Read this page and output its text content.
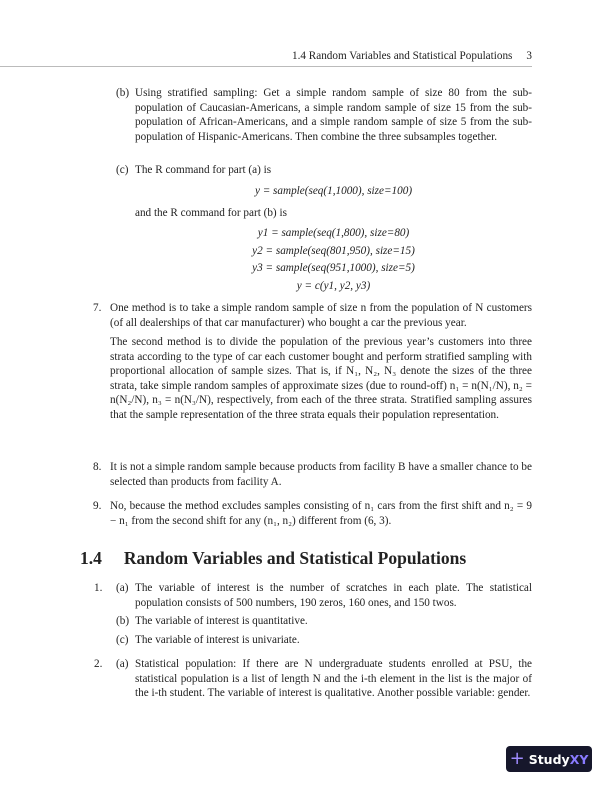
1.4 Random Variables and Statistical Populations 3
(b) Using stratified sampling: Get a simple random sample of size 80 from the sub-population of Caucasian-Americans, a simple random sample of size 15 from the sub-population of African-Americans, and a simple random sample of size 5 from the sub-population of Hispanic-Americans. Then combine the three subsamples together.
(c) The R command for part (a) is
y = sample(seq(1,1000), size=100)
and the R command for part (b) is
y1 = sample(seq(1,800), size=80)
y2 = sample(seq(801,950), size=15)
y3 = sample(seq(951,1000), size=5)
y = c(y1, y2, y3)
7. One method is to take a simple random sample of size n from the population of N customers (of all dealerships of that car manufacturer) who bought a car the previous year.
The second method is to divide the population of the previous year’s customers into three strata according to the type of car each customer bought and perform stratified sampling with proportional allocation of sample sizes. That is, if N₁, N₂, N₃ denote the sizes of the three strata, take simple random samples of approximate sizes (due to round-off) n₁ = n(N₁/N), n₂ = n(N₂/N), n₃ = n(N₃/N), respectively, from each of the three strata. Stratified sampling assures that the sample representation of the three strata equals their population representation.
8. It is not a simple random sample because products from facility B have a smaller chance to be selected than products from facility A.
9. No, because the method excludes samples consisting of n₁ cars from the first shift and n₂ = 9 − n₁ from the second shift for any (n₁, n₂) different from (6, 3).
1.4 Random Variables and Statistical Populations
1. (a) The variable of interest is the number of scratches in each plate. The statistical population consists of 500 numbers, 190 zeros, 160 ones, and 150 twos.
(b) The variable of interest is quantitative.
(c) The variable of interest is univariate.
2. (a) Statistical population: If there are N undergraduate students enrolled at PSU, the statistical population is a list of length N and the i-th element in the list is the major of the i-th student. The variable of interest is qualitative. Another possible variable: gender.
+ Study XY
